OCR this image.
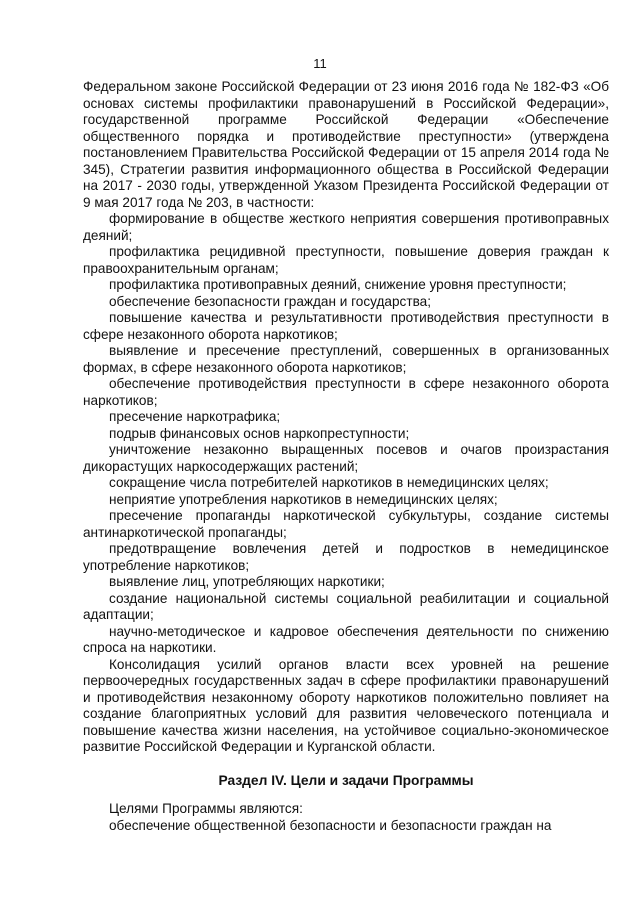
11

Федеральном законе Российской Федерации от 23 июня 2016 года № 182-ФЗ «Об основах системы профилактики правонарушений в Российской Федерации», государственной программе Российской Федерации «Обеспечение общественного порядка и противодействие преступности» (утверждена постановлением Правительства Российской Федерации от 15 апреля 2014 года № 345), Стратегии развития информационного общества в Российской Федерации на 2017 - 2030 годы, утвержденной Указом Президента Российской Федерации от 9 мая 2017 года № 203, в частности:

формирование в обществе жесткого неприятия совершения противоправных деяний;

профилактика рецидивной преступности, повышение доверия граждан к правоохранительным органам;

профилактика противоправных деяний, снижение уровня преступности;

обеспечение безопасности граждан и государства;

повышение качества и результативности противодействия преступности в сфере незаконного оборота наркотиков;

выявление и пресечение преступлений, совершенных в организованных формах, в сфере незаконного оборота наркотиков;

обеспечение противодействия преступности в сфере незаконного оборота наркотиков;

пресечение наркотрафика;

подрыв финансовых основ наркопреступности;

уничтожение незаконно выращенных посевов и очагов произрастания дикорастущих наркосодержащих растений;

сокращение числа потребителей наркотиков в немедицинских целях;

неприятие употребления наркотиков в немедицинских целях;

пресечение пропаганды наркотической субкультуры, создание системы антинаркотической пропаганды;

предотвращение вовлечения детей и подростков в немедицинское употребление наркотиков;

выявление лиц, употребляющих наркотики;

создание национальной системы социальной реабилитации и социальной адаптации;

научно-методическое и кадровое обеспечения деятельности по снижению спроса на наркотики.

Консолидация усилий органов власти всех уровней на решение первоочередных государственных задач в сфере профилактики правонарушений и противодействия незаконному обороту наркотиков положительно повлияет на создание благоприятных условий для развития человеческого потенциала и повышение качества жизни населения, на устойчивое социально-экономическое развитие Российской Федерации и Курганской области.

Раздел IV. Цели и задачи Программы

Целями Программы являются:

обеспечение общественной безопасности и безопасности граждан на
